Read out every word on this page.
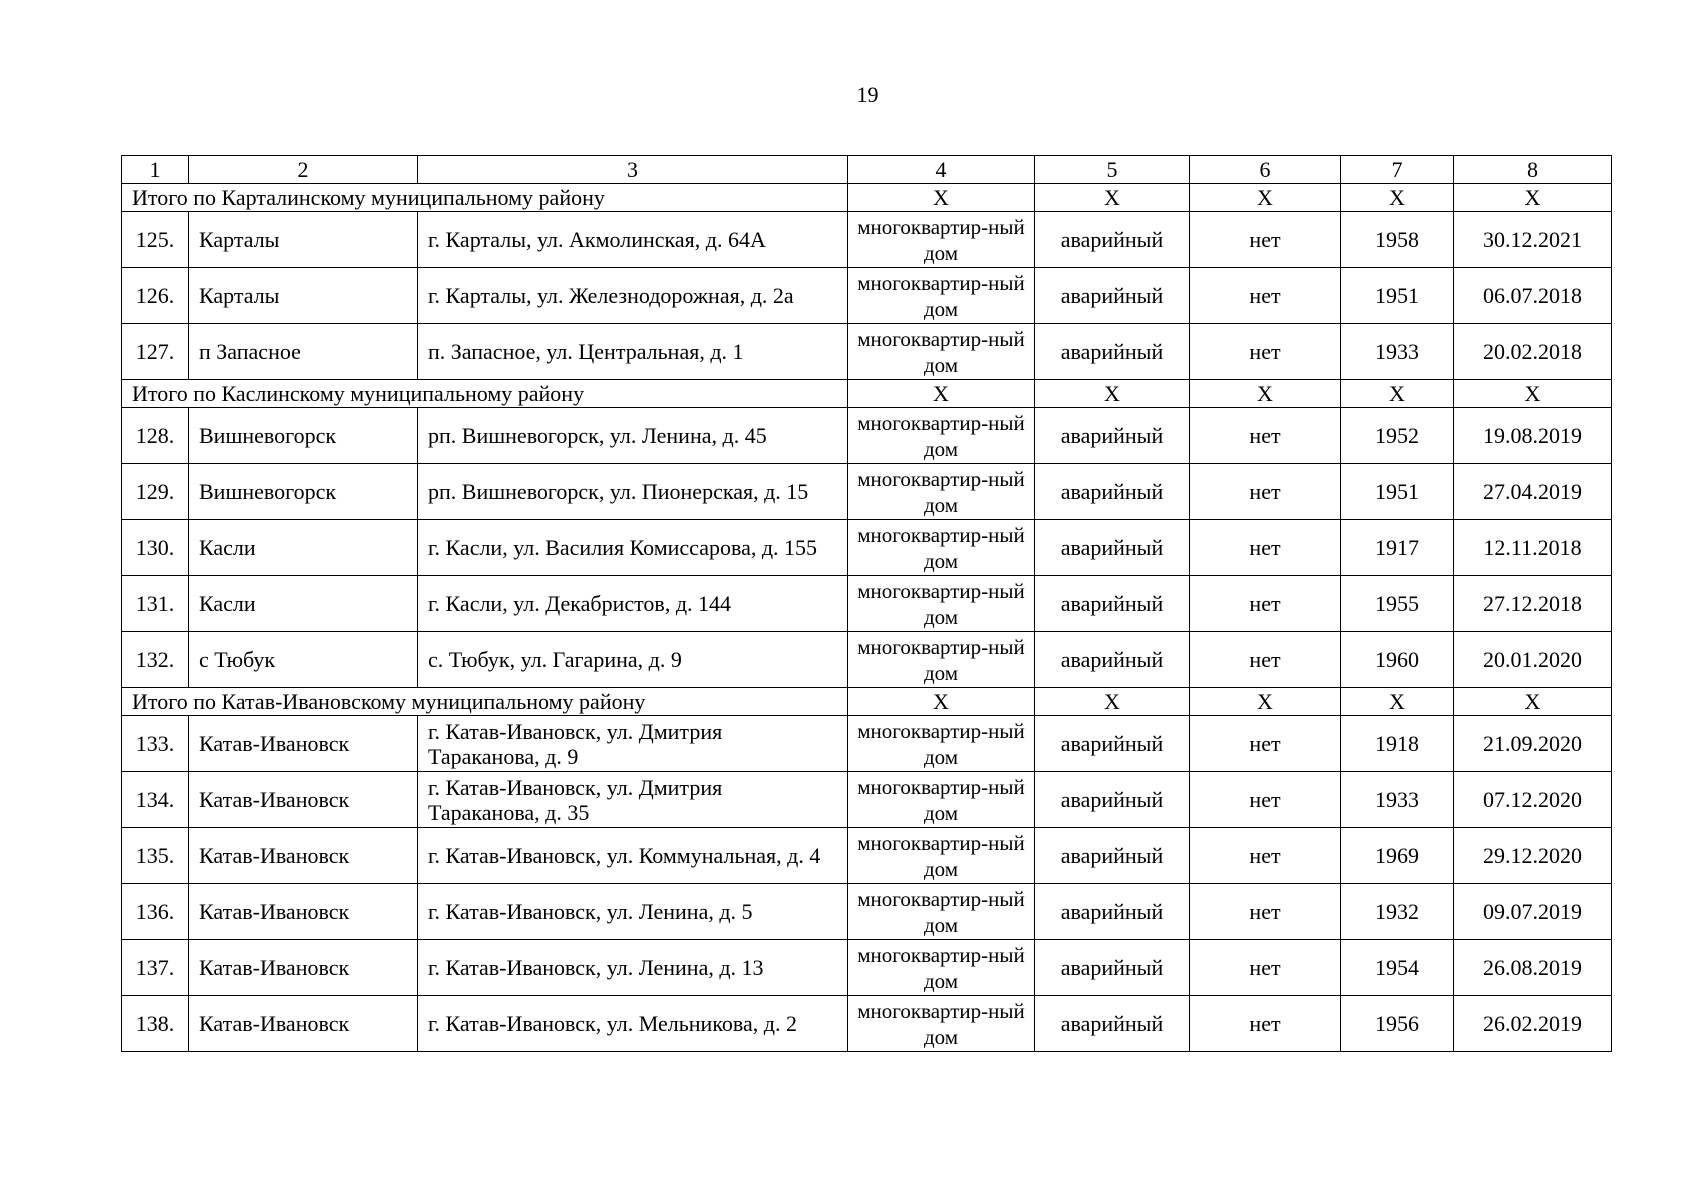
19
1	2	3	4	5	6	7	8
Итого по Карталинскому муниципальному району			X	X	X	X	X
125.	Карталы	г. Карталы, ул. Акмолинская, д. 64А	многоквартир-ный дом	аварийный	нет	1958	30.12.2021
126.	Карталы	г. Карталы, ул. Железнодорожная, д. 2а	многоквартир-ный дом	аварийный	нет	1951	06.07.2018
127.	п Запасное	п. Запасное, ул. Центральная, д. 1	многоквартир-ный дом	аварийный	нет	1933	20.02.2018
Итого по Каслинскому муниципальному району			X	X	X	X	X
128.	Вишневогорск	рп. Вишневогорск, ул. Ленина, д. 45	многоквартир-ный дом	аварийный	нет	1952	19.08.2019
129.	Вишневогорск	рп. Вишневогорск, ул. Пионерская, д. 15	многоквартир-ный дом	аварийный	нет	1951	27.04.2019
130.	Касли	г. Касли, ул. Василия Комиссарова, д. 155	многоквартир-ный дом	аварийный	нет	1917	12.11.2018
131.	Касли	г. Касли, ул. Декабристов, д. 144	многоквартир-ный дом	аварийный	нет	1955	27.12.2018
132.	с Тюбук	с. Тюбук, ул. Гагарина, д. 9	многоквартир-ный дом	аварийный	нет	1960	20.01.2020
Итого по Катав-Ивановскому муниципальному району			X	X	X	X	X
133.	Катав-Ивановск	г. Катав-Ивановск, ул. Дмитрия Тараканова, д. 9	многоквартир-ный дом	аварийный	нет	1918	21.09.2020
134.	Катав-Ивановск	г. Катав-Ивановск, ул. Дмитрия Тараканова, д. 35	многоквартир-ный дом	аварийный	нет	1933	07.12.2020
135.	Катав-Ивановск	г. Катав-Ивановск, ул. Коммунальная, д. 4	многоквартир-ный дом	аварийный	нет	1969	29.12.2020
136.	Катав-Ивановск	г. Катав-Ивановск, ул. Ленина, д. 5	многоквартир-ный дом	аварийный	нет	1932	09.07.2019
137.	Катав-Ивановск	г. Катав-Ивановск, ул. Ленина, д. 13	многоквартир-ный дом	аварийный	нет	1954	26.08.2019
138.	Катав-Ивановск	г. Катав-Ивановск, ул. Мельникова, д. 2	многоквартир-ный дом	аварийный	нет	1956	26.02.2019
